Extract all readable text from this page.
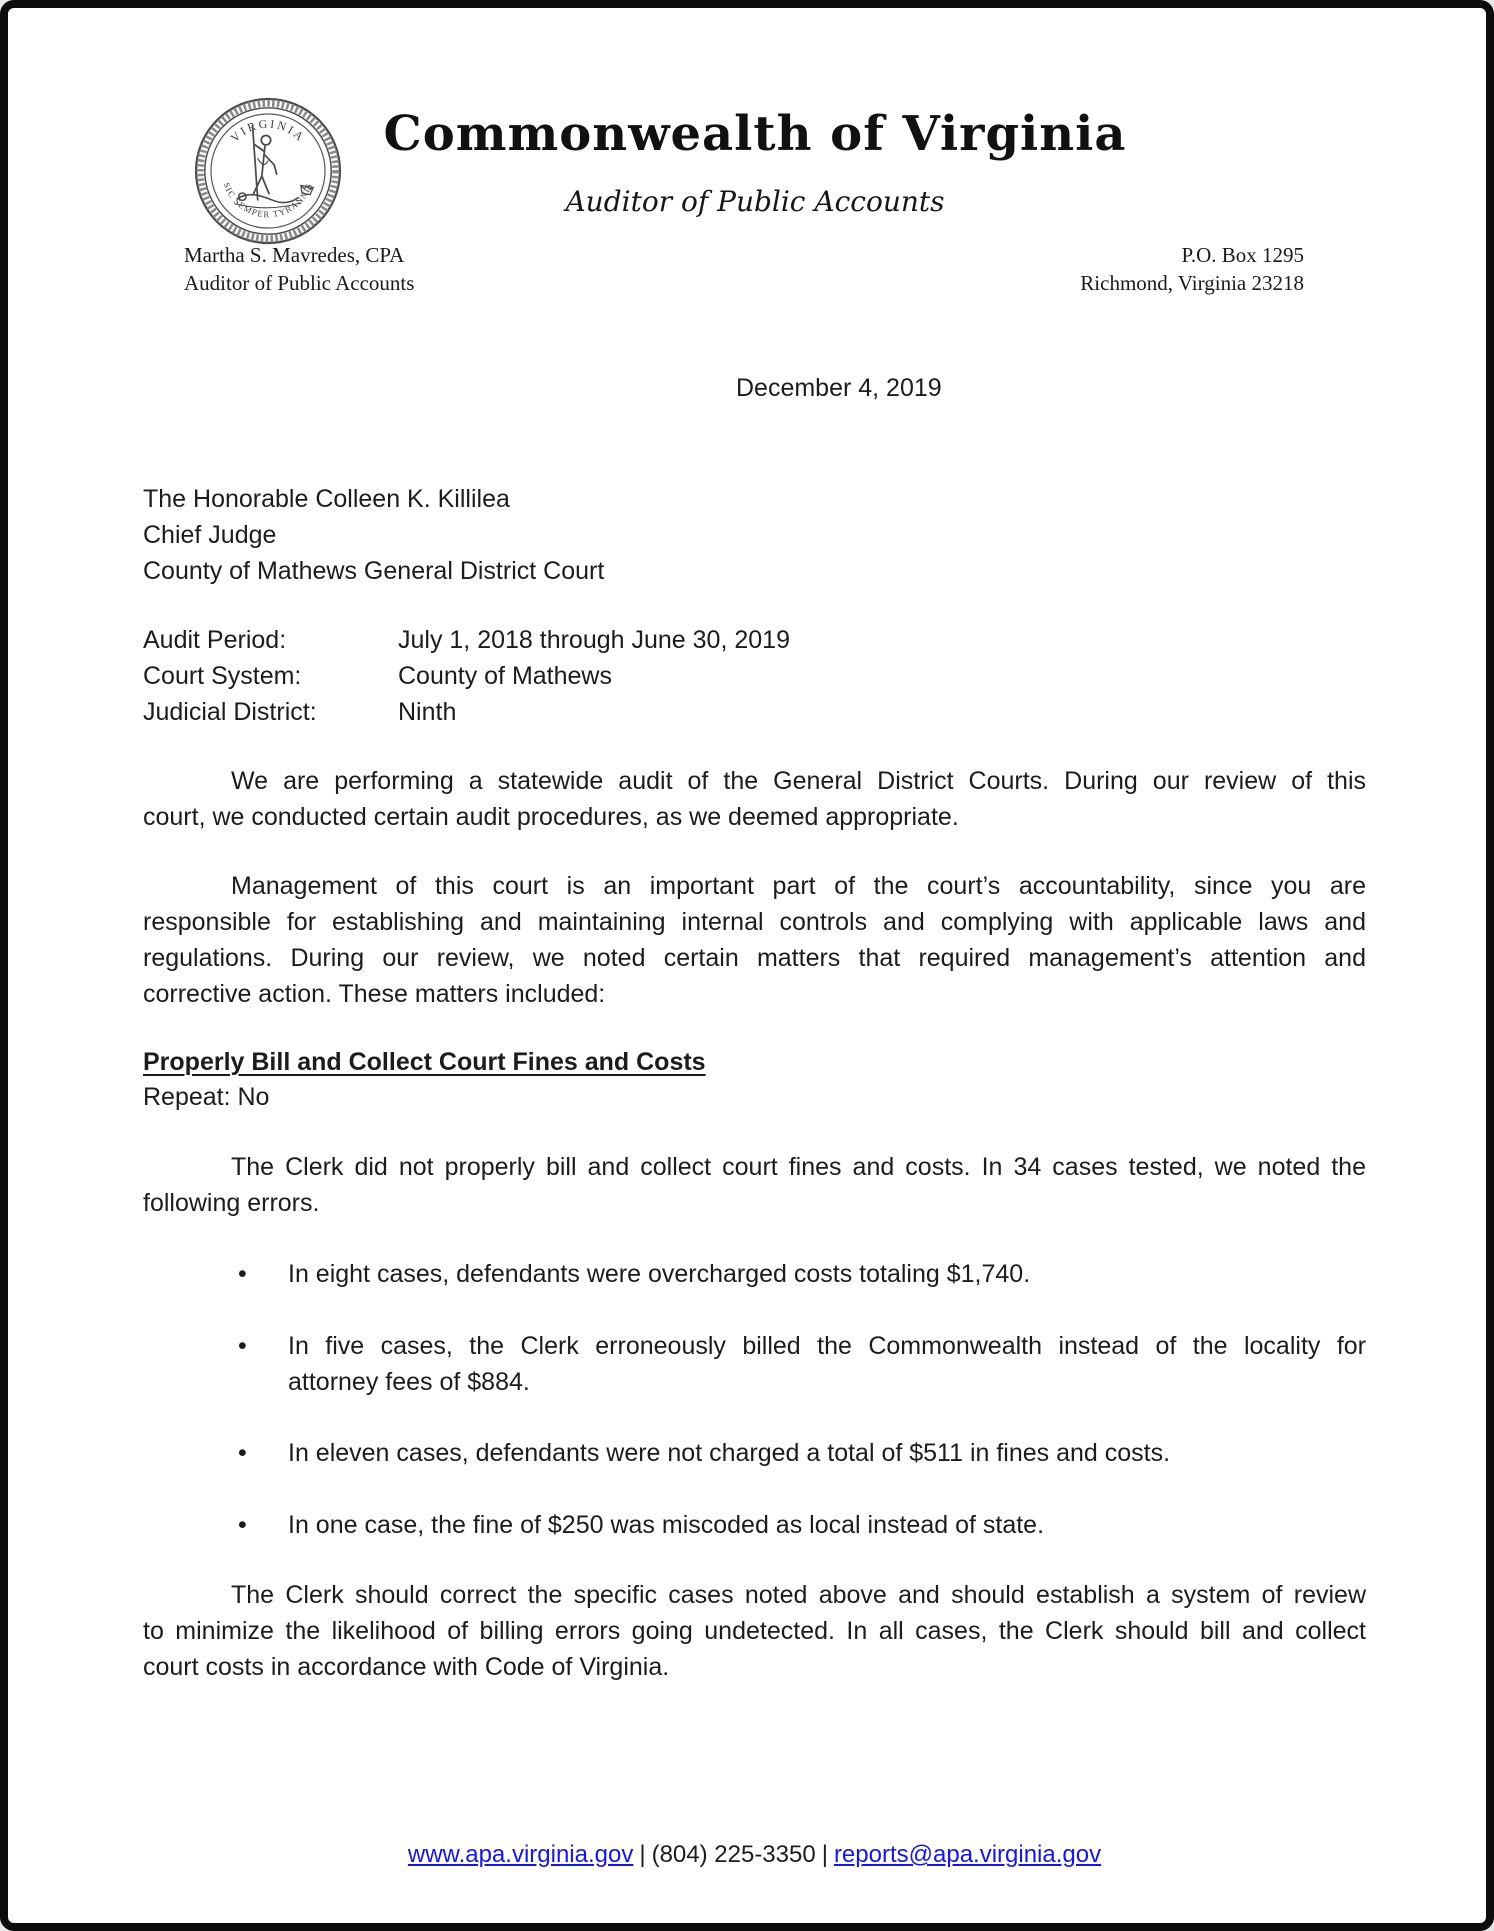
VIRGINIA
SIC SEMPER TYRANNIS
Commonwealth of Virginia
Auditor of Public Accounts
Martha S. Mavredes, CPA
Auditor of Public Accounts
P.O. Box 1295
Richmond, Virginia 23218
December 4, 2019
The Honorable Colleen K. Killilea
Chief Judge
County of Mathews General District Court
Audit Period:	July 1, 2018 through June 30, 2019
Court System:	County of Mathews
Judicial District:	Ninth
We are performing a statewide audit of the General District Courts. During our review of this
court, we conducted certain audit procedures, as we deemed appropriate.
Management of this court is an important part of the court’s accountability, since you are
responsible for establishing and maintaining internal controls and complying with applicable laws and
regulations. During our review, we noted certain matters that required management’s attention and
corrective action. These matters included:
Properly Bill and Collect Court Fines and Costs
Repeat: No
The Clerk did not properly bill and collect court fines and costs. In 34 cases tested, we noted the
following errors.
• In eight cases, defendants were overcharged costs totaling $1,740.
• In five cases, the Clerk erroneously billed the Commonwealth instead of the locality for
attorney fees of $884.
• In eleven cases, defendants were not charged a total of $511 in fines and costs.
• In one case, the fine of $250 was miscoded as local instead of state.
The Clerk should correct the specific cases noted above and should establish a system of review
to minimize the likelihood of billing errors going undetected. In all cases, the Clerk should bill and collect
court costs in accordance with Code of Virginia.
www.apa.virginia.gov | (804) 225-3350 | reports@apa.virginia.gov
